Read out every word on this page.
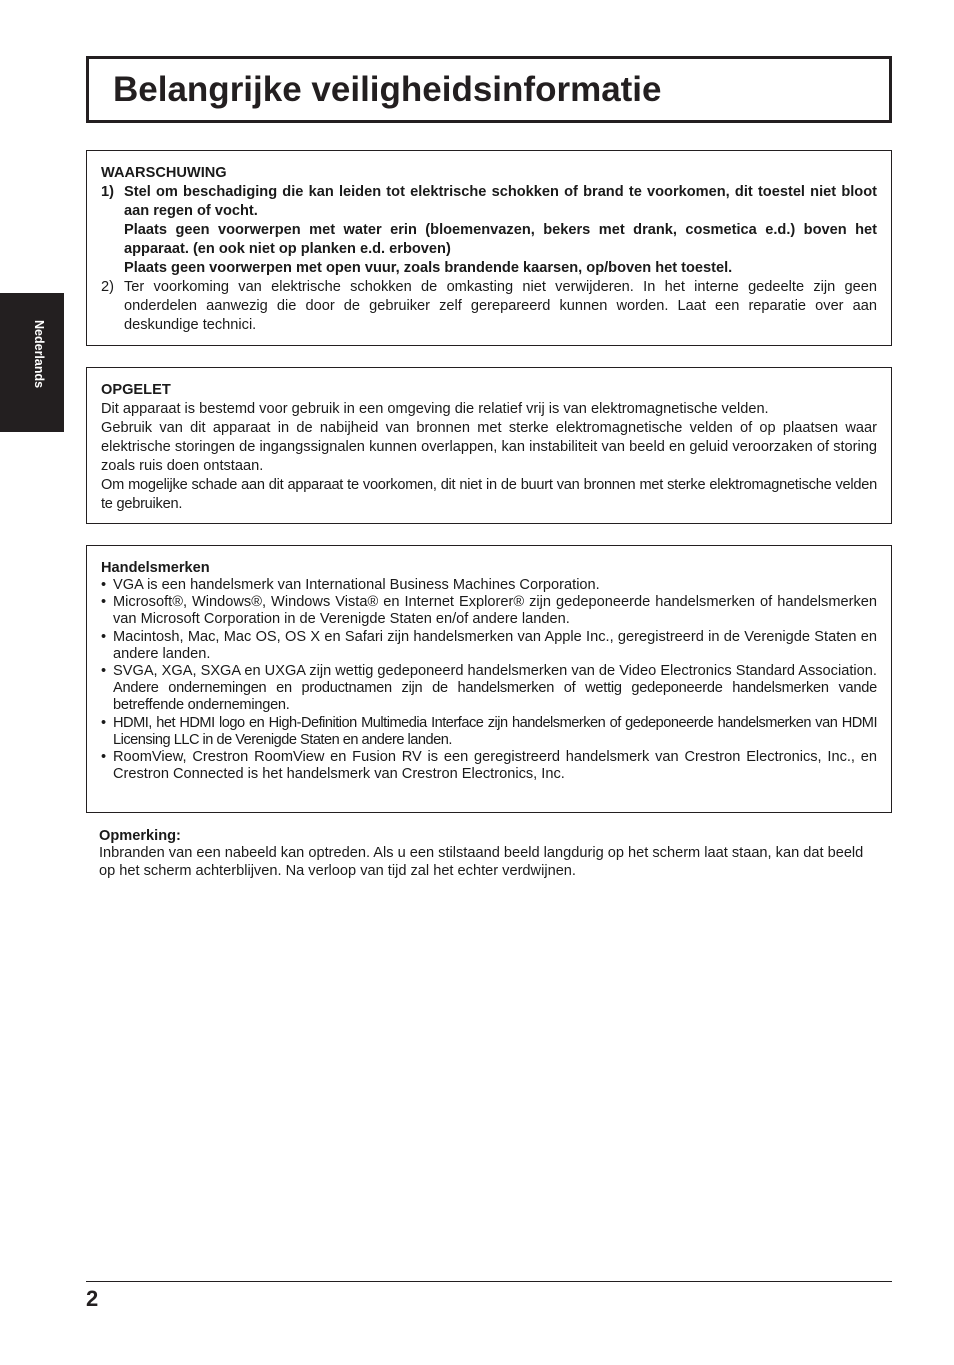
Belangrijke veiligheidsinformatie
Nederlands
WAARSCHUWING
1) Stel om beschadiging die kan leiden tot elektrische schokken of brand te voorkomen, dit toestel niet bloot aan regen of vocht.

Plaats geen voorwerpen met water erin (bloemenvazen, bekers met drank, cosmetica e.d.) boven het apparaat. (en ook niet op planken e.d. erboven)

Plaats geen voorwerpen met open vuur, zoals brandende kaarsen, op/boven het toestel.

2) Ter voorkoming van elektrische schokken de omkasting niet verwijderen. In het interne gedeelte zijn geen onderdelen aanwezig die door de gebruiker zelf gerepareerd kunnen worden. Laat een reparatie over aan deskundige technici.

OPGELET

Dit apparaat is bestemd voor gebruik in een omgeving die relatief vrij is van elektromagnetische velden.

Gebruik van dit apparaat in de nabijheid van bronnen met sterke elektromagnetische velden of op plaatsen waar elektrische storingen de ingangssignalen kunnen overlappen, kan instabiliteit van beeld en geluid veroorzaken of storing zoals ruis doen ontstaan.

Om mogelijke schade aan dit apparaat te voorkomen, dit niet in de buurt van bronnen met sterke elektromagnetische velden te gebruiken.

Handelsmerken
• VGA is een handelsmerk van International Business Machines Corporation.

• Microsoft®, Windows®, Windows Vista® en Internet Explorer® zijn gedeponeerde handelsmerken of handelsmerken van Microsoft Corporation in de Verenigde Staten en/of andere landen.

• Macintosh, Mac, Mac OS, OS X en Safari zijn handelsmerken van Apple Inc., geregistreerd in de Verenigde Staten en andere landen.

• SVGA, XGA, SXGA en UXGA zijn wettig gedeponeerd handelsmerken van de Video Electronics Standard Association.

Andere ondernemingen en productnamen zijn de handelsmerken of wettig gedeponeerde handelsmerken vande betreffende ondernemingen.

• HDMI, het HDMI logo en High-Definition Multimedia Interface zijn handelsmerken of gedeponeerde handelsmerken van HDMI Licensing LLC in de Verenigde Staten en andere landen.

• RoomView, Crestron RoomView en Fusion RV is een geregistreerd handelsmerk van Crestron Electronics, Inc., en Crestron Connected is het handelsmerk van Crestron Electronics, Inc.

Opmerking:

Inbranden van een nabeeld kan optreden. Als u een stilstaand beeld langdurig op het scherm laat staan, kan dat beeld op het scherm achterblijven. Na verloop van tijd zal het echter verdwijnen.

2
